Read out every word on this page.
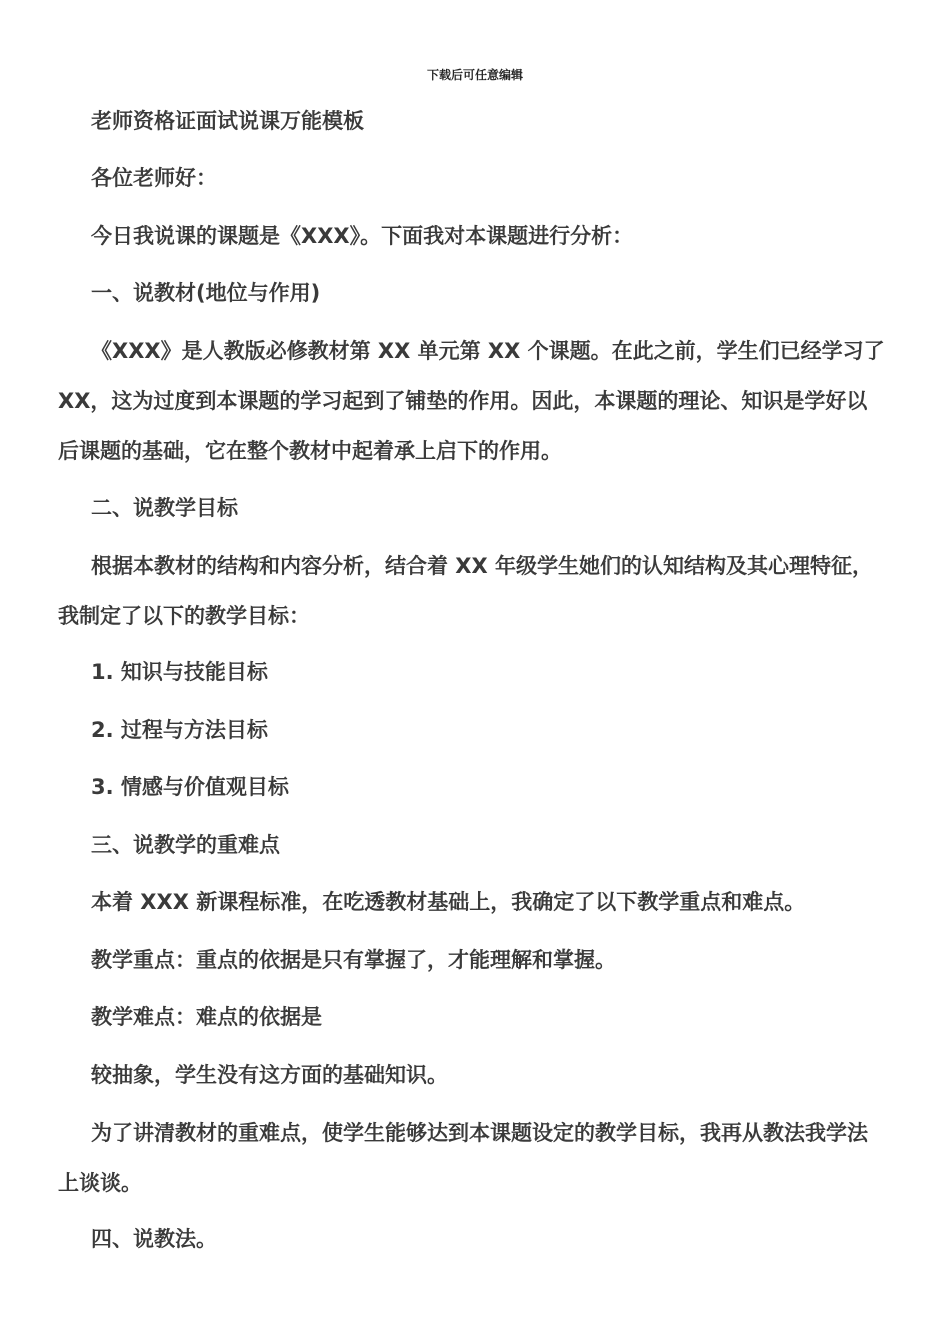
下载后可任意编辑
老师资格证面试说课万能模板
各位老师好：
今日我说课的课题是《XXX》。下面我对本课题进行分析：
一、说教材(地位与作用)
《XXX》是人教版必修教材第 XX 单元第 XX 个课题。在此之前，学生们已经学习了 XX，这为过度到本课题的学习起到了铺垫的作用。因此，本课题的理论、知识是学好以后课题的基础，它在整个教材中起着承上启下的作用。
二、说教学目标
根据本教材的结构和内容分析，结合着 XX 年级学生她们的认知结构及其心理特征，我制定了以下的教学目标：
1. 知识与技能目标
2. 过程与方法目标
3. 情感与价值观目标
三、说教学的重难点
本着 XXX 新课程标准，在吃透教材基础上，我确定了以下教学重点和难点。
教学重点：重点的依据是只有掌握了，才能理解和掌握。
教学难点：难点的依据是
较抽象，学生没有这方面的基础知识。
为了讲清教材的重难点，使学生能够达到本课题设定的教学目标，我再从教法我学法上谈谈。
四、说教法。
